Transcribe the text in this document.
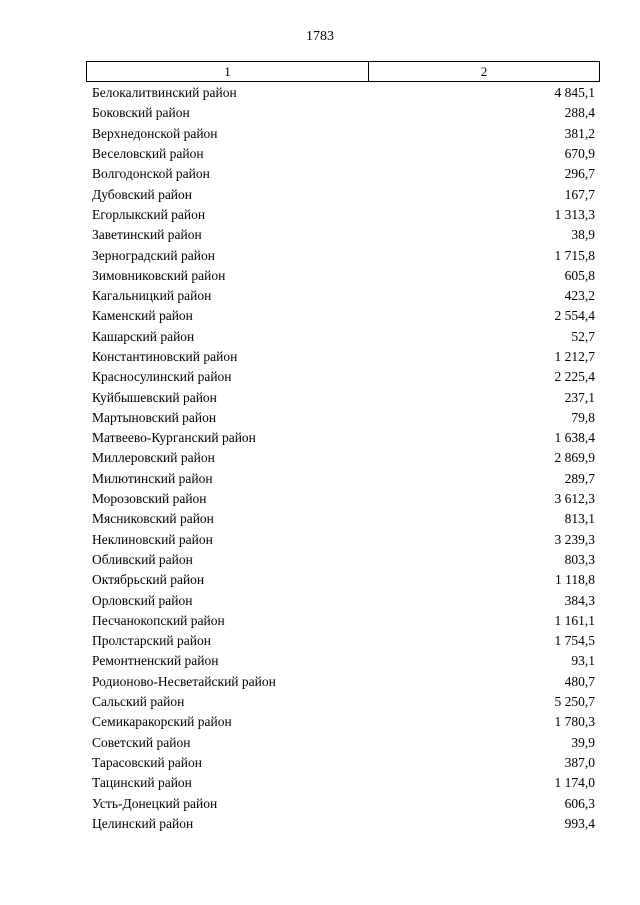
1783
1	2
Белокалитвинский район	4 845,1
Боковский район	288,4
Верхнедонской район	381,2
Веселовский район	670,9
Волгодонской район	296,7
Дубовский район	167,7
Егорлыкский район	1 313,3
Заветинский район	38,9
Зерноградский район	1 715,8
Зимовниковский район	605,8
Кагальницкий район	423,2
Каменский район	2 554,4
Кашарский район	52,7
Константиновский район	1 212,7
Красносулинский район	2 225,4
Куйбышевский район	237,1
Мартыновский район	79,8
Матвеево-Курганский район	1 638,4
Миллеровский район	2 869,9
Милютинский район	289,7
Морозовский район	3 612,3
Мясниковский район	813,1
Неклиновский район	3 239,3
Обливский район	803,3
Октябрьский район	1 118,8
Орловский район	384,3
Песчанокопский район	1 161,1
Пролстарский район	1 754,5
Ремонтненский район	93,1
Родионово-Несветайский район	480,7
Сальский район	5 250,7
Семикаракорский район	1 780,3
Советский район	39,9
Тарасовский район	387,0
Тацинский район	1 174,0
Усть-Донецкий район	606,3
Целинский район	993,4
